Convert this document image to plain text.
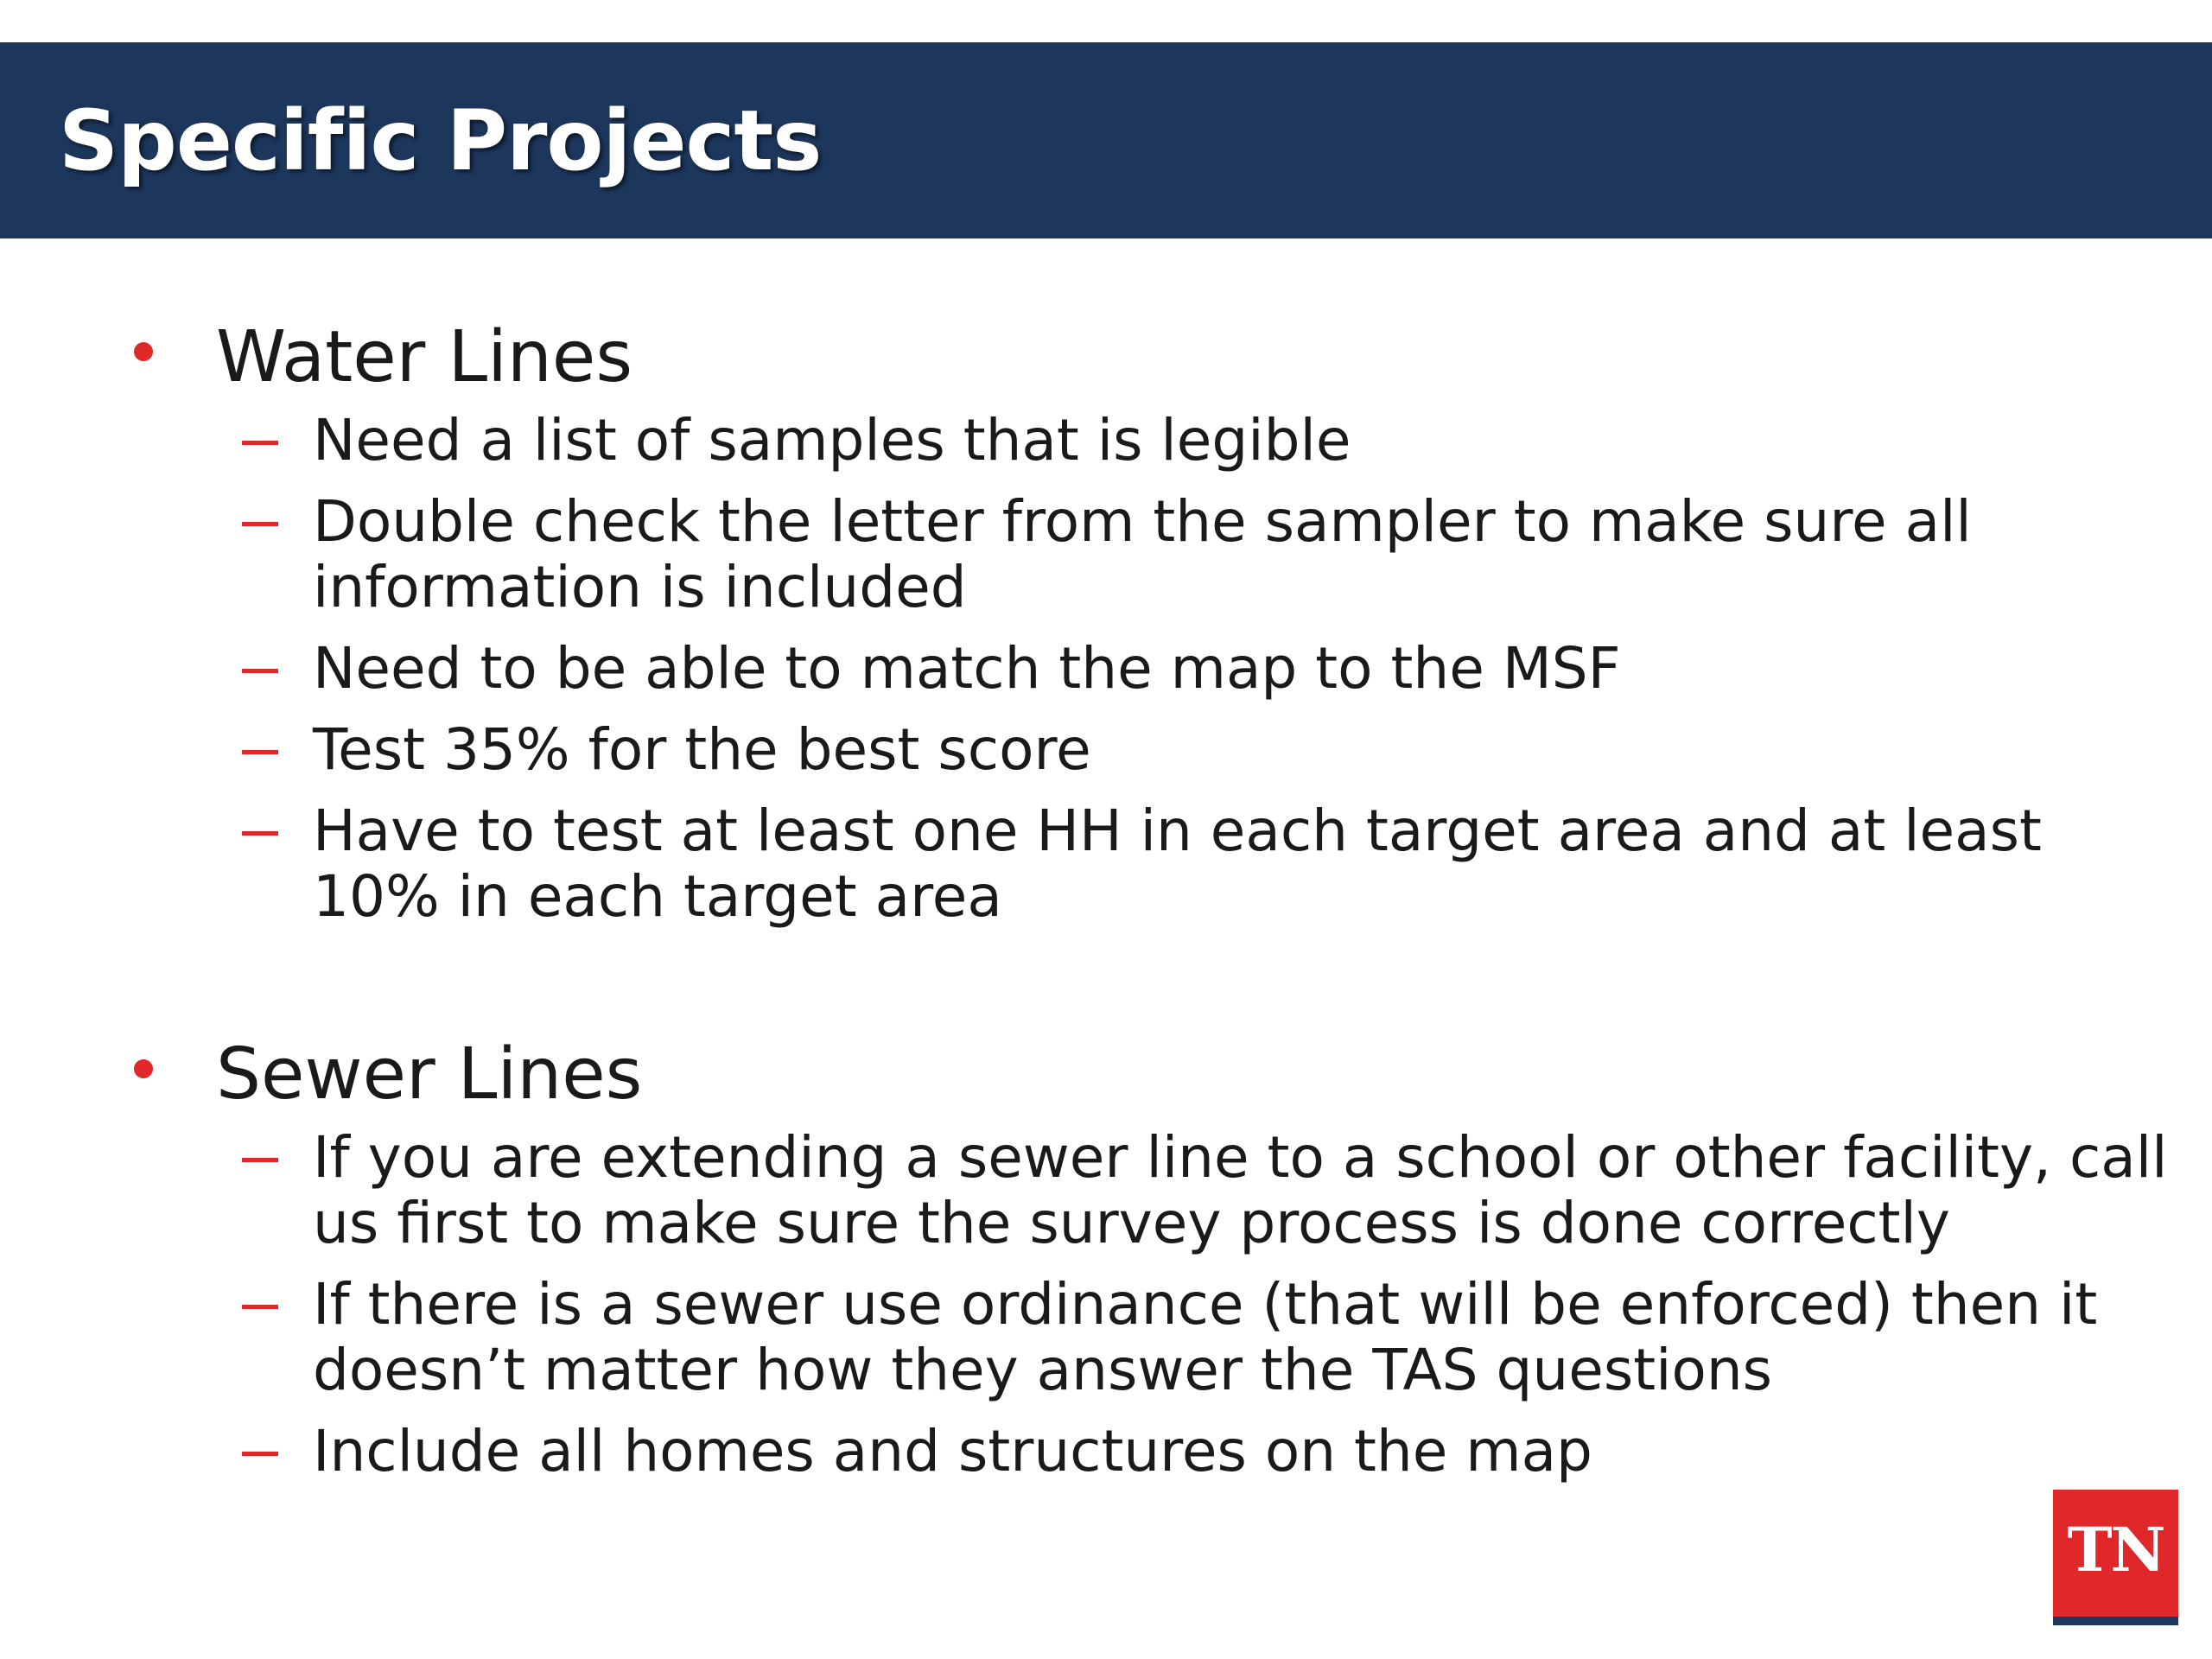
Specific Projects
Water Lines
Need a list of samples that is legible
Double check the letter from the sampler to make sure all information is included
Need to be able to match the map to the MSF
Test 35% for the best score
Have to test at least one HH in each target area and at least 10% in each target area
Sewer Lines
If you are extending a sewer line to a school or other facility, call us first to make sure the survey process is done correctly
If there is a sewer use ordinance (that will be enforced) then it doesn’t matter how they answer the TAS questions
Include all homes and structures on the map
TN
